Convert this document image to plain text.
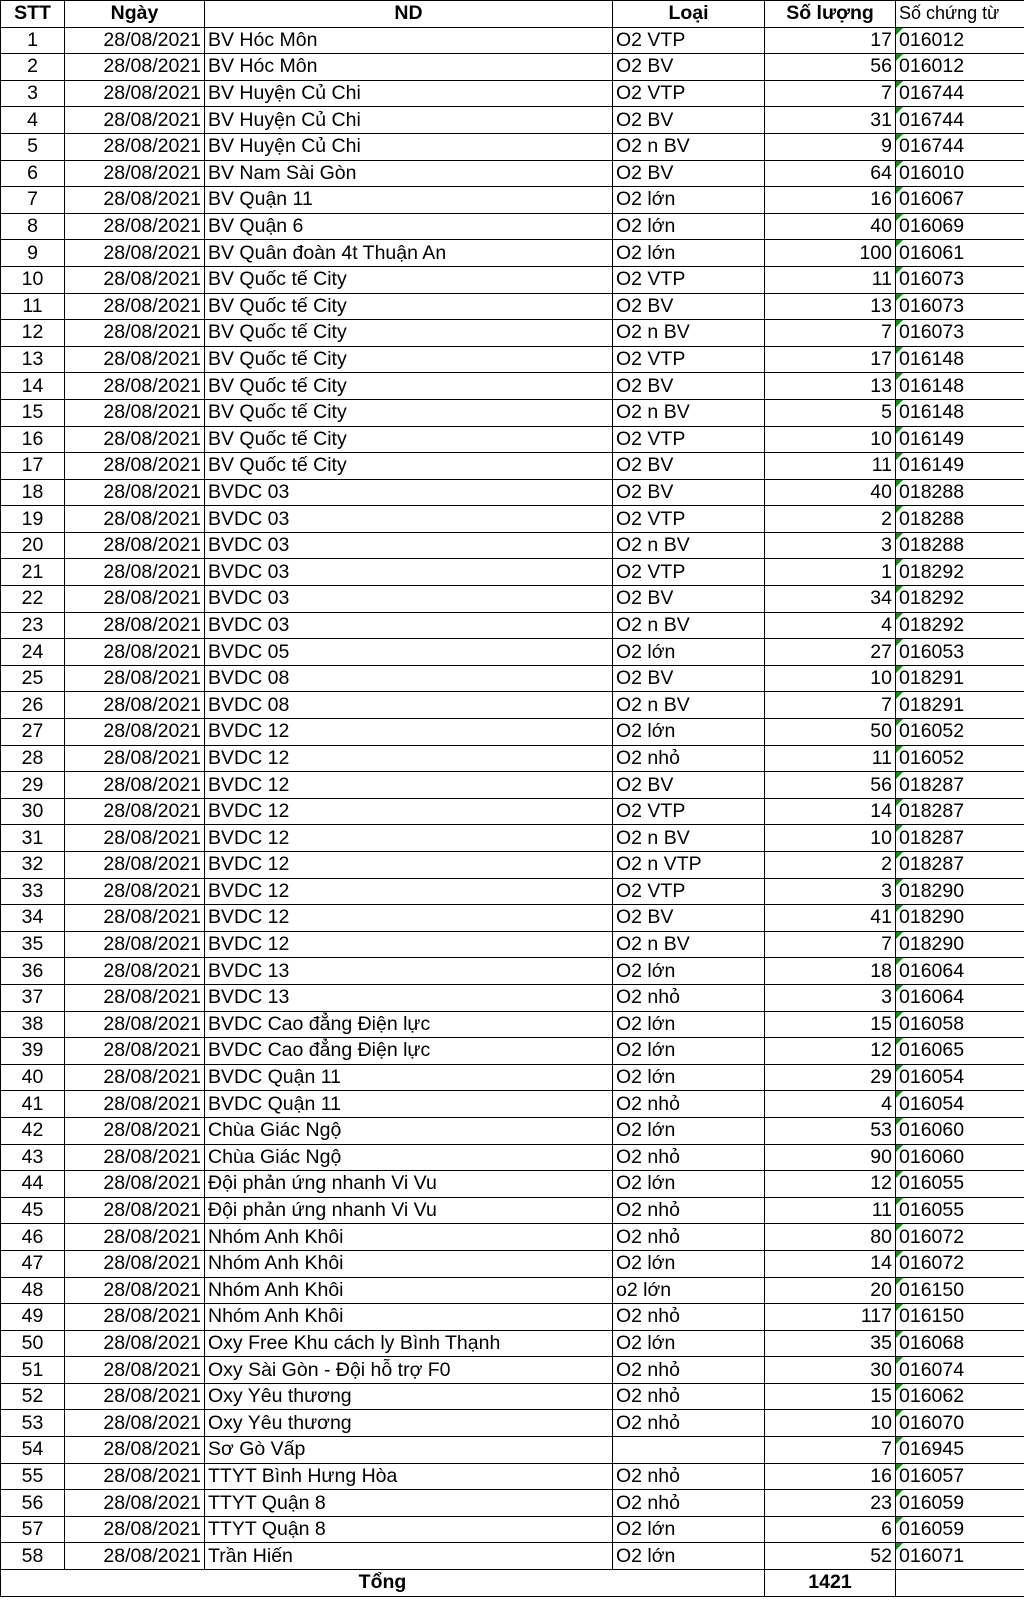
STT	Ngày	ND	Loại	Số lượng	Số chứng từ
1	28/08/2021	BV Hóc Môn	O2 VTP	17	016012
2	28/08/2021	BV Hóc Môn	O2 BV	56	016012
3	28/08/2021	BV Huyện Củ Chi	O2 VTP	7	016744
4	28/08/2021	BV Huyện Củ Chi	O2 BV	31	016744
5	28/08/2021	BV Huyện Củ Chi	O2 n BV	9	016744
6	28/08/2021	BV Nam Sài Gòn	O2 BV	64	016010
7	28/08/2021	BV Quận 11	O2 lớn	16	016067
8	28/08/2021	BV Quận 6	O2 lớn	40	016069
9	28/08/2021	BV Quân đoàn 4t Thuận An	O2 lớn	100	016061
10	28/08/2021	BV Quốc tế City	O2 VTP	11	016073
11	28/08/2021	BV Quốc tế City	O2 BV	13	016073
12	28/08/2021	BV Quốc tế City	O2 n BV	7	016073
13	28/08/2021	BV Quốc tế City	O2 VTP	17	016148
14	28/08/2021	BV Quốc tế City	O2 BV	13	016148
15	28/08/2021	BV Quốc tế City	O2 n BV	5	016148
16	28/08/2021	BV Quốc tế City	O2 VTP	10	016149
17	28/08/2021	BV Quốc tế City	O2 BV	11	016149
18	28/08/2021	BVDC 03	O2 BV	40	018288
19	28/08/2021	BVDC 03	O2 VTP	2	018288
20	28/08/2021	BVDC 03	O2 n BV	3	018288
21	28/08/2021	BVDC 03	O2 VTP	1	018292
22	28/08/2021	BVDC 03	O2 BV	34	018292
23	28/08/2021	BVDC 03	O2 n BV	4	018292
24	28/08/2021	BVDC 05	O2 lớn	27	016053
25	28/08/2021	BVDC 08	O2 BV	10	018291
26	28/08/2021	BVDC 08	O2 n BV	7	018291
27	28/08/2021	BVDC 12	O2 lớn	50	016052
28	28/08/2021	BVDC 12	O2 nhỏ	11	016052
29	28/08/2021	BVDC 12	O2 BV	56	018287
30	28/08/2021	BVDC 12	O2 VTP	14	018287
31	28/08/2021	BVDC 12	O2 n BV	10	018287
32	28/08/2021	BVDC 12	O2 n VTP	2	018287
33	28/08/2021	BVDC 12	O2 VTP	3	018290
34	28/08/2021	BVDC 12	O2 BV	41	018290
35	28/08/2021	BVDC 12	O2 n BV	7	018290
36	28/08/2021	BVDC 13	O2 lớn	18	016064
37	28/08/2021	BVDC 13	O2 nhỏ	3	016064
38	28/08/2021	BVDC Cao đẳng Điện lực	O2 lớn	15	016058
39	28/08/2021	BVDC Cao đẳng Điện lực	O2 lớn	12	016065
40	28/08/2021	BVDC Quận 11	O2 lớn	29	016054
41	28/08/2021	BVDC Quận 11	O2 nhỏ	4	016054
42	28/08/2021	Chùa Giác Ngộ	O2 lớn	53	016060
43	28/08/2021	Chùa Giác Ngộ	O2 nhỏ	90	016060
44	28/08/2021	Đội phản ứng nhanh Vi Vu	O2 lớn	12	016055
45	28/08/2021	Đội phản ứng nhanh Vi Vu	O2 nhỏ	11	016055
46	28/08/2021	Nhóm Anh Khôi	O2 nhỏ	80	016072
47	28/08/2021	Nhóm Anh Khôi	O2 lớn	14	016072
48	28/08/2021	Nhóm Anh Khôi	o2 lớn	20	016150
49	28/08/2021	Nhóm Anh Khôi	O2 nhỏ	117	016150
50	28/08/2021	Oxy Free Khu cách ly Bình Thạnh	O2 lớn	35	016068
51	28/08/2021	Oxy Sài Gòn - Đội hỗ trợ F0	O2 nhỏ	30	016074
52	28/08/2021	Oxy Yêu thương	O2 nhỏ	15	016062
53	28/08/2021	Oxy Yêu thương	O2 nhỏ	10	016070
54	28/08/2021	Sơ Gò Vấp		7	016945
55	28/08/2021	TTYT Bình Hưng Hòa	O2 nhỏ	16	016057
56	28/08/2021	TTYT Quận 8	O2 nhỏ	23	016059
57	28/08/2021	TTYT Quận 8	O2 lớn	6	016059
58	28/08/2021	Trần Hiến	O2 lớn	52	016071
Tổng				1421	
